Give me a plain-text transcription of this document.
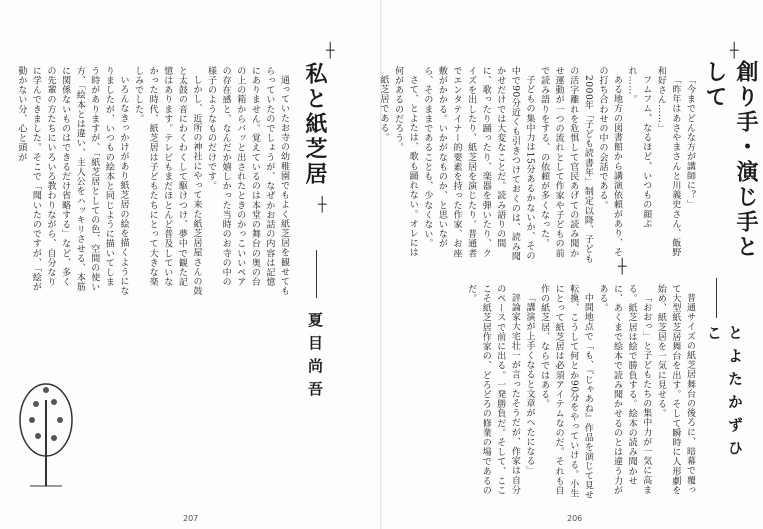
┼
私と紙芝居
┼
夏目尚吾

通っていたお寺の幼稚園でもよく紙芝居を観せてもらっていたのでしょうが、なぜかお話の内容は記憶にありません。覚えているのは本堂の舞台の奥の台の上の箱からバッと出されたときのかっこいいペアの存在感と、なんだか嬉しかった当時のお寺の中の様子のようなものだけです。

しかし、近所の神社にやって来た紙芝居屋さんの鼓と太鼓の音にわくわくして駆けつけ、夢中で観た記憶はあります。テレビもまだほとんど普及していなかった時代、紙芝居は子どもたちにとって大きな楽しみでした。

いろんなきっかけがあり紙芝居の絵を描くようになりましたが、いつもの絵本と同じように描いてしまう時がありますが、「紙芝居としての色、空間の使い方、「絵本とは違い、主人公をハッキリさせる、本筋に関係ないものはできるだけ省略する」など、多くの先輩の方たちにいろいろ教わりながら、自分なりに学んできました。そこで「聞いたのですが、「絵が動かない分、心と頭が

207
┼
創り手・演じ手として
┼
とよたかずひこ

「今までどんな方が講師に？」

「昨年はあさやまさんと川義史さん、飯野和好さん……」

フムフム、なるほど、いつもの顔ぶれ……。

ある地方の図書館から講演依頼があり、その打ち合わせの中の会話である。

2000年「子ども読書年」制定以降、子どもの活字離れを危惧して官民あげての読み聞かせ運動が一つの流れとして作家や子どもの前で読み語りをする、の依頼が多くなった。

子どもの集中力は15分あるかないか、その中で90分近くも引きつけておくのは、読み聞かせだけでは大変なことだ。読み語りの間に、歌ったり踊ったり、楽器を弾いたり、クイズを出したり、紙芝居を演じたり。普通者でエンタテイナー的要素を持った作家、お座敷がかかる。いかがなものか、と思いながら、そのままであることも、少なくない。

さて、とよたは、歌も踊れない。オレには何があるのだろう。

紙芝居である。

普通サイズの紙芝居舞台の後ろに、暗幕で覆って大型紙芝居舞台を出す。そして瞬時に人形劇を始め、紙芝居を一気に見せる。

「おおっ」と子どもたちの集中力が一気に高まる。紙芝居は絵で勝負する。絵本の読み聞かせに、あくまで絵本で読み聞かせるのとは違う力がある。

中間地点で「も、『じゃあね』作品を演じて見せ転換、こうして何とか90分をやっていける。小生にとって紙芝居は必須アイテムなのだ。それも自作の紙芝居、ならではある。

「講演が上手くなると文章がへたになる」

評論家大宅壮一が言ったそうだが、作家は自分のペースで前に出る。一発勝負だ。そして、こここそ紙芝居作家の、どろどろの修業の場であるのだ。

206
